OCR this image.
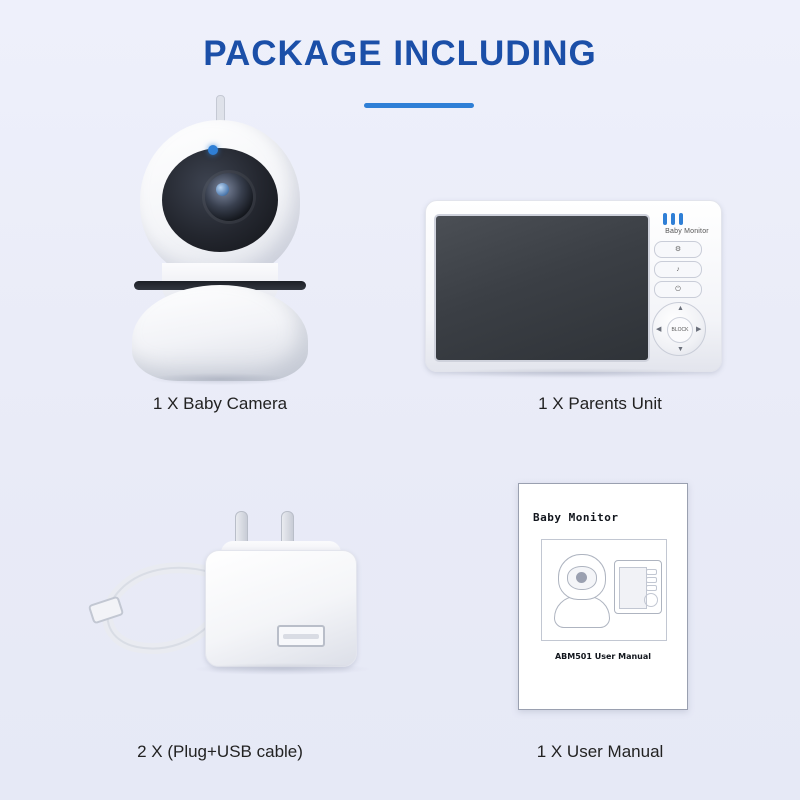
PACKAGE INCLUDING
1 X Baby Camera
Baby Monitor
⚙
♪
⏻
▲
▼
◀	▶
BLOCK
1 X Parents Unit
2 X (Plug+USB cable)
Baby Monitor
ABM501 User Manual
1 X User Manual
